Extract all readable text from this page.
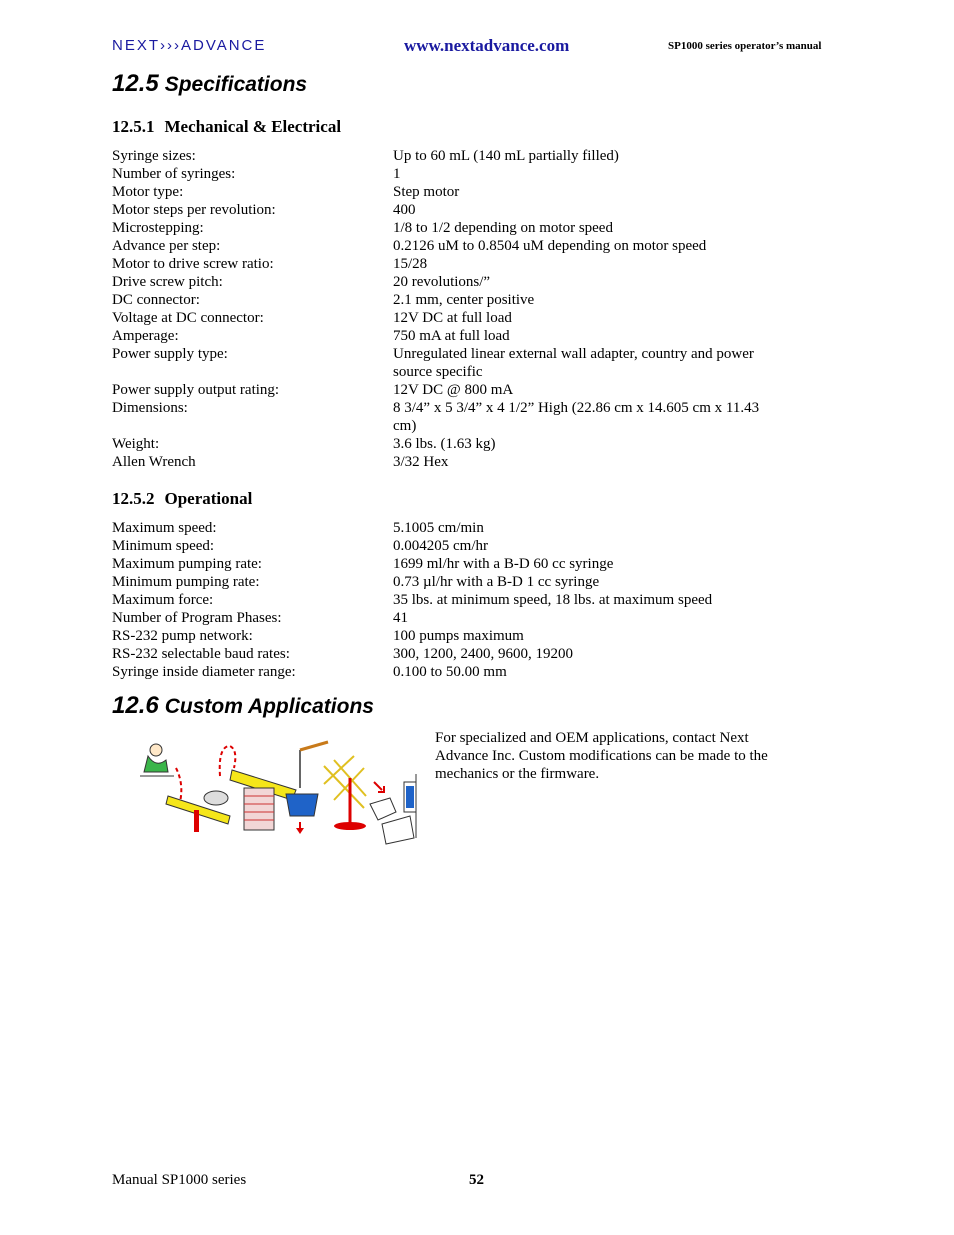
NEXT›››ADVANCE	www.nextadvance.com	SP1000 series operator’s manual
12.5 Specifications
12.5.1 Mechanical & Electrical
Syringe sizes:	Up to 60 mL (140 mL partially filled)
Number of syringes:	1
Motor type:	Step motor
Motor steps per revolution:	400
Microstepping:	1/8 to 1/2 depending on motor speed
Advance per step:	0.2126 uM to 0.8504 uM depending on motor speed
Motor to drive screw ratio:	15/28
Drive screw pitch:	20 revolutions/”
DC connector:	2.1 mm, center positive
Voltage at DC connector:	12V DC at full load
Amperage:	750 mA at full load
Power supply type:	Unregulated linear external wall adapter, country and power source specific
Power supply output rating:	12V DC @ 800 mA
Dimensions:	8 3/4” x 5 3/4” x 4 1/2” High (22.86 cm x 14.605 cm x 11.43 cm)
Weight:	3.6 lbs. (1.63 kg)
Allen Wrench	3/32 Hex
12.5.2 Operational
Maximum speed:	5.1005 cm/min
Minimum speed:	0.004205 cm/hr
Maximum pumping rate:	1699 ml/hr with a B-D 60 cc syringe
Minimum pumping rate:	0.73 µl/hr with a B-D 1 cc syringe
Maximum force:	35 lbs. at minimum speed, 18 lbs. at maximum speed
Number of Program Phases:	41
RS-232 pump network:	100 pumps maximum
RS-232 selectable baud rates:	300, 1200, 2400, 9600, 19200
Syringe inside diameter range:	0.100 to 50.00 mm
12.6 Custom Applications
For specialized and OEM applications, contact Next Advance Inc. Custom modifications can be made to the mechanics or the firmware.
Manual SP1000 series	52
